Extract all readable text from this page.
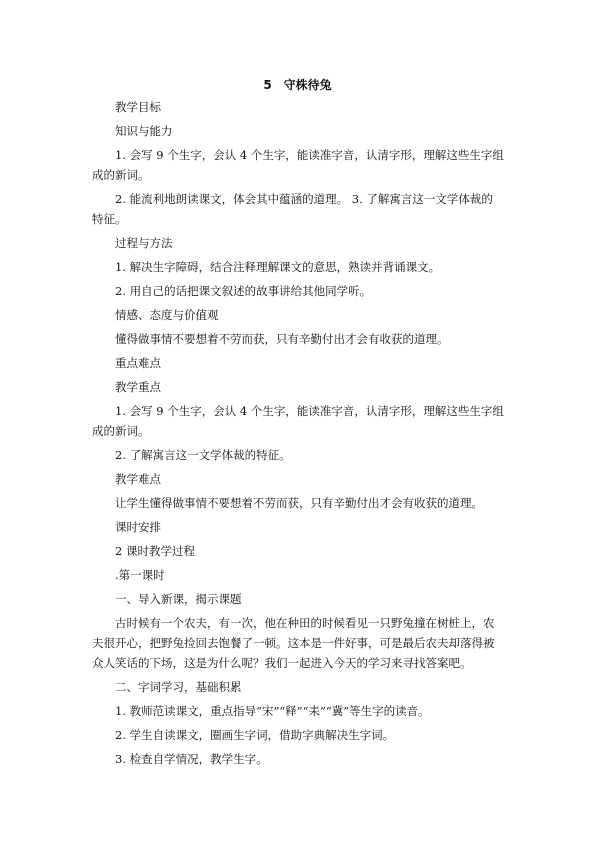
5　守株待兔

教学目标

知识与能力

1. 会写 9 个生字，会认 4 个生字，能读准字音，认清字形，理解这些生字组成的新词。

2. 能流利地朗读课文，体会其中蕴涵的道理。 3. 了解寓言这一文学体裁的特征。

过程与方法

1. 解决生字障碍，结合注释理解课文的意思，熟读并背诵课文。

2. 用自己的话把课文叙述的故事讲给其他同学听。

情感、态度与价值观

懂得做事情不要想着不劳而获，只有辛勤付出才会有收获的道理。

重点难点

教学重点

1. 会写 9 个生字，会认 4 个生字，能读准字音，认清字形，理解这些生字组成的新词。

2. 了解寓言这一文学体裁的特征。

教学难点

让学生懂得做事情不要想着不劳而获，只有辛勤付出才会有收获的道理。

课时安排

2 课时教学过程

.第一课时

一、导入新课，揭示课题

古时候有一个农夫，有一次，他在种田的时候看见一只野兔撞在树桩上，农夫很开心，把野兔捡回去饱餐了一顿。这本是一件好事，可是最后农夫却落得被众人笑话的下场，这是为什么呢？我们一起进入今天的学习来寻找答案吧。

二、字词学习，基础积累

1. 教师范读课文，重点指导“宋”“释”“耒”“冀”等生字的读音。

2. 学生自读课文，圈画生字词，借助字典解决生字词。

3. 检查自学情况，教学生字。
